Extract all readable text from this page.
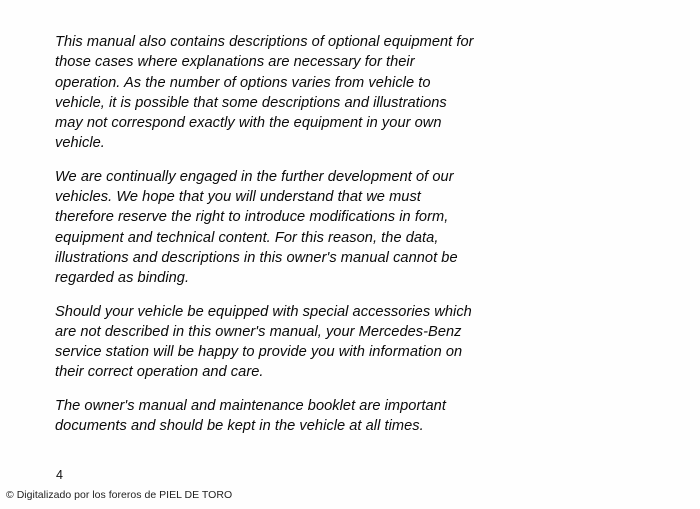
This manual also contains descriptions of optional equipment for those cases where explanations are necessary for their operation. As the number of options varies from vehicle to vehicle, it is possible that some descriptions and illustrations may not correspond exactly with the equipment in your own vehicle.

We are continually engaged in the further development of our vehicles. We hope that you will understand that we must therefore reserve the right to introduce modifications in form, equipment and technical content. For this reason, the data, illustrations and descriptions in this owner's manual cannot be regarded as binding.

Should your vehicle be equipped with special accessories which are not described in this owner's manual, your Mercedes-Benz service station will be happy to provide you with information on their correct operation and care.

The owner's manual and maintenance booklet are important documents and should be kept in the vehicle at all times.

4
© Digitalizado por los foreros de PIEL DE TORO
